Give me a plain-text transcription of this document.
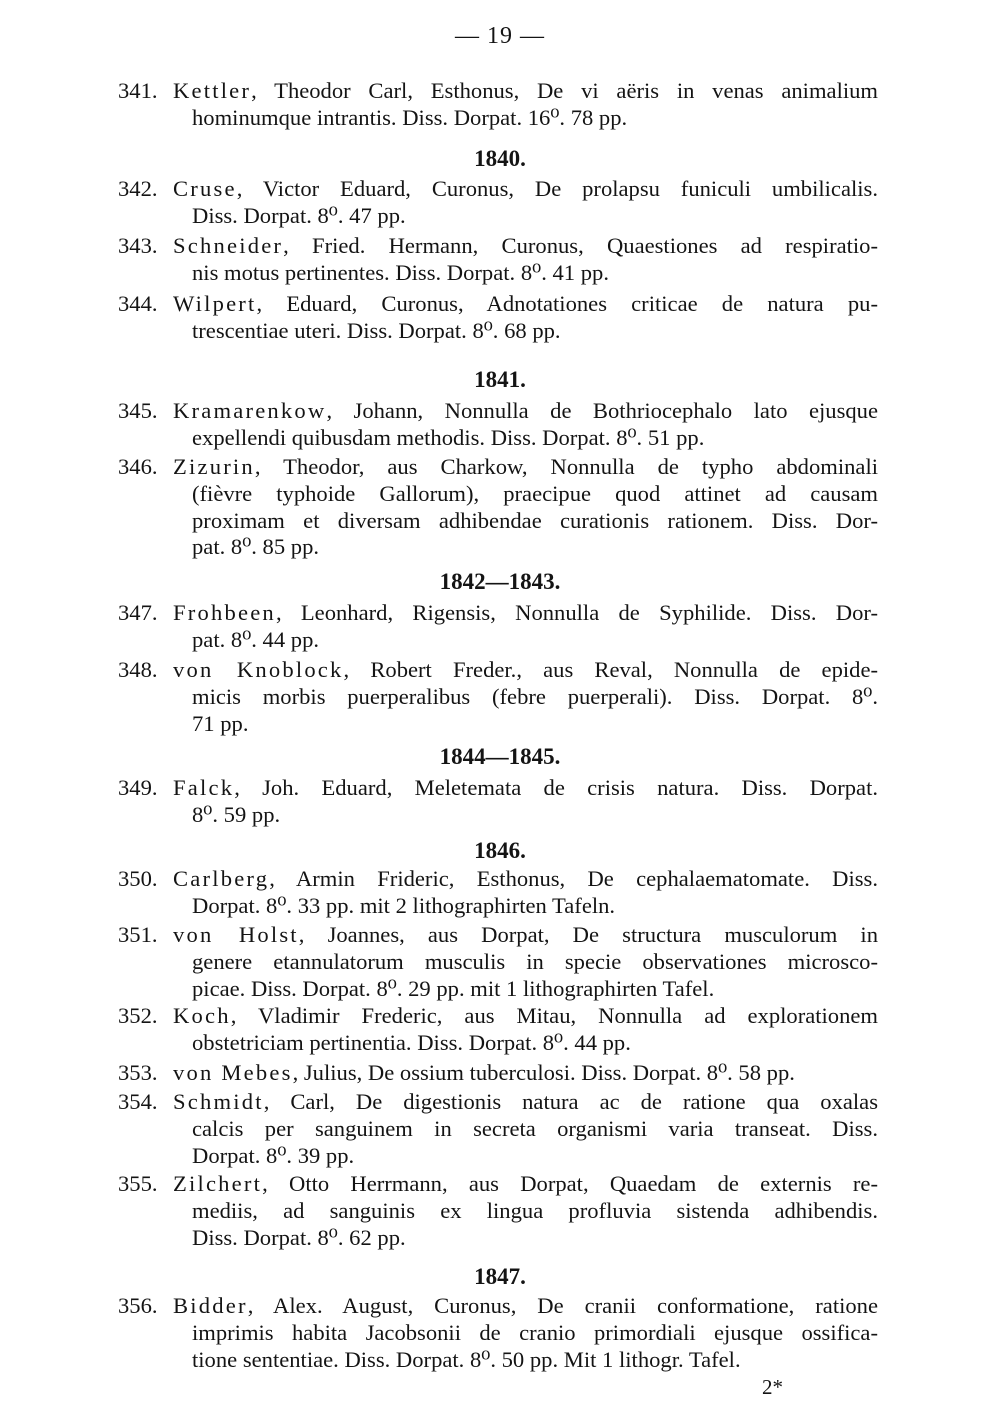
— 19 —
341. Kettler, Theodor Carl, Esthonus, De vi aëris in venas animalium
hominumque intrantis. Diss. Dorpat. 16⁰. 78 pp.
1840.
342. Cruse, Victor Eduard, Curonus, De prolapsu funiculi umbilicalis.
Diss. Dorpat. 8⁰. 47 pp.
343. Schneider, Fried. Hermann, Curonus, Quaestiones ad respiratio-
nis motus pertinentes. Diss. Dorpat. 8⁰. 41 pp.
344. Wilpert, Eduard, Curonus, Adnotationes criticae de natura pu-
trescentiae uteri. Diss. Dorpat. 8⁰. 68 pp.
1841.
345. Kramarenkow, Johann, Nonnulla de Bothriocephalo lato ejusque
expellendi quibusdam methodis. Diss. Dorpat. 8⁰. 51 pp.
346. Zizurin, Theodor, aus Charkow, Nonnulla de typho abdominali
(fièvre typhoide Gallorum), praecipue quod attinet ad causam
proximam et diversam adhibendae curationis rationem. Diss. Dor-
pat. 8⁰. 85 pp.
1842—1843.
347. Frohbeen, Leonhard, Rigensis, Nonnulla de Syphilide. Diss. Dor-
pat. 8⁰. 44 pp.
348. von Knoblock, Robert Freder., aus Reval, Nonnulla de epide-
micis morbis puerperalibus (febre puerperali). Diss. Dorpat. 8⁰.
71 pp.
1844—1845.
349. Falck, Joh. Eduard, Meletemata de crisis natura. Diss. Dorpat.
8⁰. 59 pp.
1846.
350. Carlberg, Armin Frideric, Esthonus, De cephalaematomate. Diss.
Dorpat. 8⁰. 33 pp. mit 2 lithographirten Tafeln.
351. von Holst, Joannes, aus Dorpat, De structura musculorum in
genere etannulatorum musculis in specie observationes microsco-
picae. Diss. Dorpat. 8⁰. 29 pp. mit 1 lithographirten Tafel.
352. Koch, Vladimir Frederic, aus Mitau, Nonnulla ad explorationem
obstetriciam pertinentia. Diss. Dorpat. 8⁰. 44 pp.
353. von Mebes, Julius, De ossium tuberculosi. Diss. Dorpat. 8⁰. 58 pp.
354. Schmidt, Carl, De digestionis natura ac de ratione qua oxalas
calcis per sanguinem in secreta organismi varia transeat. Diss.
Dorpat. 8⁰. 39 pp.
355. Zilchert, Otto Herrmann, aus Dorpat, Quaedam de externis re-
mediis, ad sanguinis ex lingua profluvia sistenda adhibendis.
Diss. Dorpat. 8⁰. 62 pp.
1847.
356. Bidder, Alex. August, Curonus, De cranii conformatione, ratione
imprimis habita Jacobsonii de cranio primordiali ejusque ossifica-
tione sententiae. Diss. Dorpat. 8⁰. 50 pp. Mit 1 lithogr. Tafel.
2*
